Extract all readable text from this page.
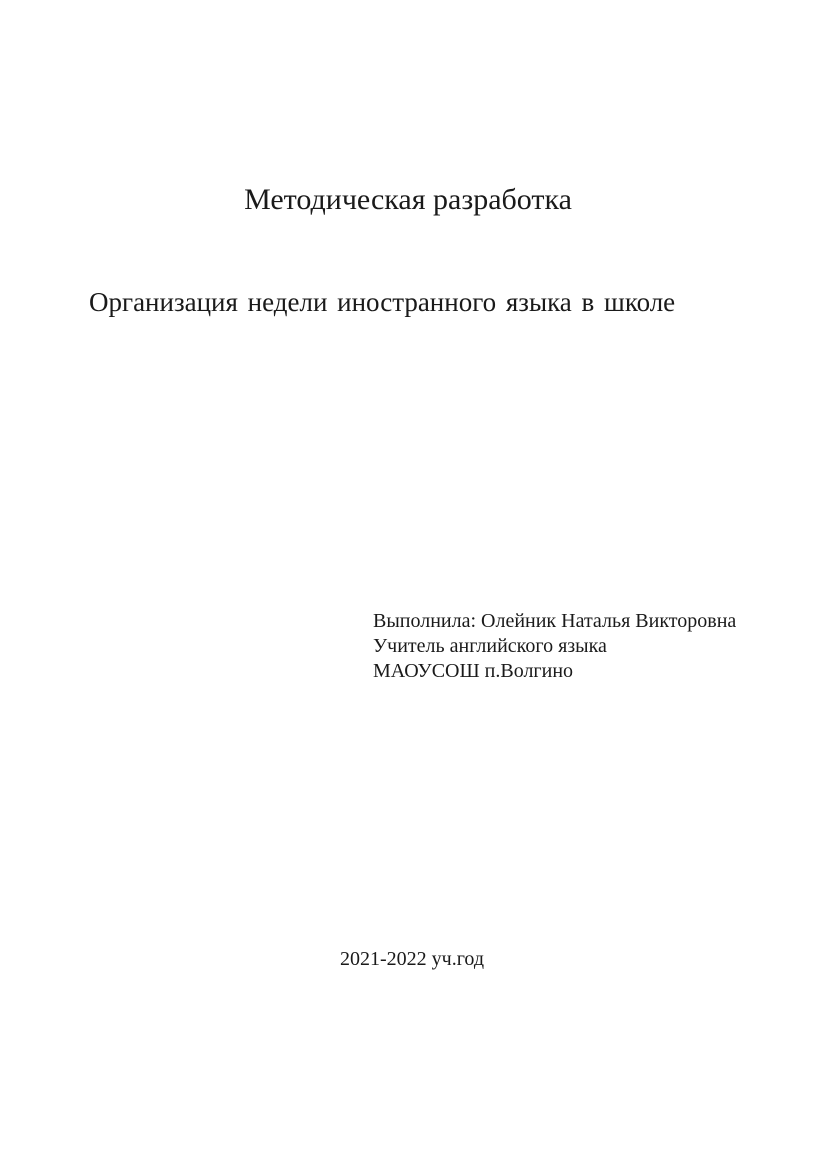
Методическая разработка
Организация недели иностранного языка в школе
Выполнила: Олейник Наталья Викторовна
Учитель английского языка
МАОУСОШ п.Волгино
2021-2022 уч.год
